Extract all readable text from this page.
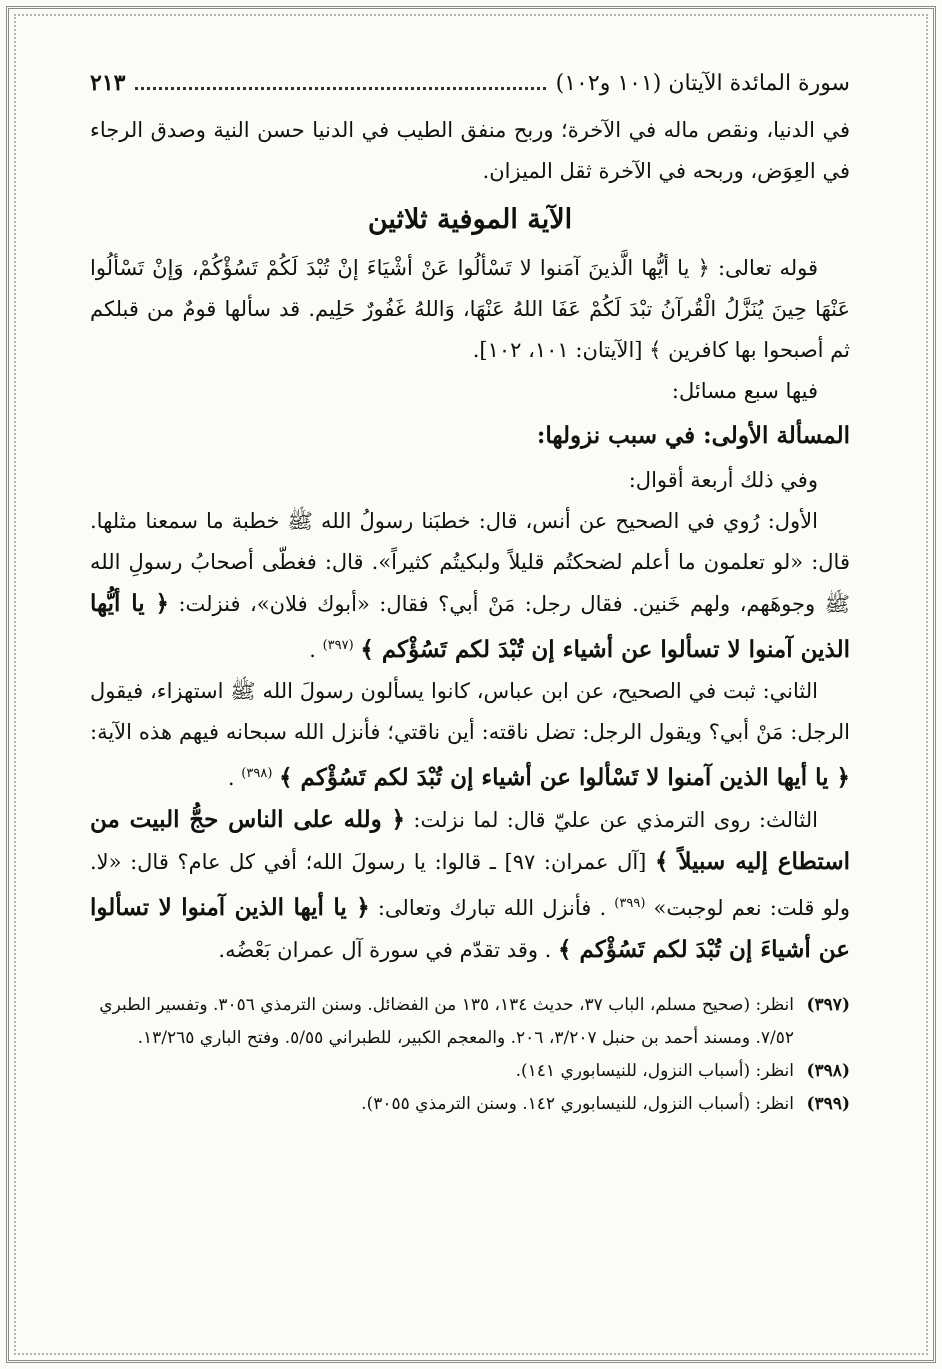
سورة المائدة الآيتان (١٠١ و١٠٢)
٢١٣

في الدنيا، ونقص ماله في الآخرة؛ وربح منفق الطيب في الدنيا حسن النية وصدق الرجاء في العِوَض، وربحه في الآخرة ثقل الميزان.

الآية الموفية ثلاثين

قوله تعالى: ﴿ يا أيُّها الَّذينَ آمَنوا لا تَسْألُوا عَنْ أشْيَاءَ إنْ تُبْدَ لَكُمْ تَسُؤْكُمْ، وَإنْ تَسْألُوا عَنْهَا حِينَ يُنَزَّلُ الْقُرآنُ تبْدَ لَكُمْ عَفَا اللهُ عَنْهَا، وَاللهُ غَفُورٌ حَلِيم. قد سألها قومٌ من قبلكم ثم أصبحوا بها كافرين ﴾ [الآيتان: ١٠١، ١٠٢].

فيها سبع مسائل:

المسألة الأولى: في سبب نزولها:

وفي ذلك أربعة أقوال:

الأول: رُوي في الصحيح عن أنس، قال: خطبَنا رسولُ الله ﷺ خطبة ما سمعنا مثلها. قال: «لو تعلمون ما أعلم لضحكتُم قليلاً ولبكيتُم كثيراً». قال: فغطّى أصحابُ رسولِ الله ﷺ وجوهَهم، ولهم خَنين. فقال رجل: مَنْ أبي؟ فقال: «أبوك فلان»، فنزلت: ﴿ يا أيُّها الذين آمنوا لا تسألوا عن أشياء إن تُبْدَ لكم تَسُؤْكم ﴾ $^{(٣٩٧)}$ .

الثاني: ثبت في الصحيح، عن ابن عباس، كانوا يسألون رسولَ الله ﷺ استهزاء، فيقول الرجل: مَنْ أبي؟ ويقول الرجل: تضل ناقته: أين ناقتي؛ فأنزل الله سبحانه فيهم هذه الآية: ﴿ يا أيها الذين آمنوا لا تَسْألوا عن أشياء إن تُبْدَ لكم تَسُؤْكم ﴾ $^{(٣٩٨)}$ .

الثالث: روى الترمذي عن عليّ قال: لما نزلت: ﴿ ولله على الناس حجُّ البيت من استطاع إليه سبيلاً ﴾ [آل عمران: ٩٧] ـ قالوا: يا رسولَ الله؛ أفي كل عام؟ قال: «لا. ولو قلت: نعم لوجبت» $^{(٣٩٩)}$ . فأنزل الله تبارك وتعالى: ﴿ يا أيها الذين آمنوا لا تسألوا عن أشياءَ إن تُبْدَ لكم تَسُؤْكم ﴾ . وقد تقدّم في سورة آل عمران بَعْضُه.

(٣٩٧)
انظر: (صحيح مسلم، الباب ٣٧، حديث ١٣٤، ١٣٥ من الفضائل. وسنن الترمذي ٣٠٥٦. وتفسير الطبري ٧/٥٢. ومسند أحمد بن حنبل ٣/٢٠٧، ٢٠٦. والمعجم الكبير، للطبراني ٥/٥٥. وفتح الباري ١٣/٢٦٥.
(٣٩٨)
انظر: (أسباب النزول، للنيسابوري ١٤١).
(٣٩٩)
انظر: (أسباب النزول، للنيسابوري ١٤٢. وسنن الترمذي ٣٠٥٥).
